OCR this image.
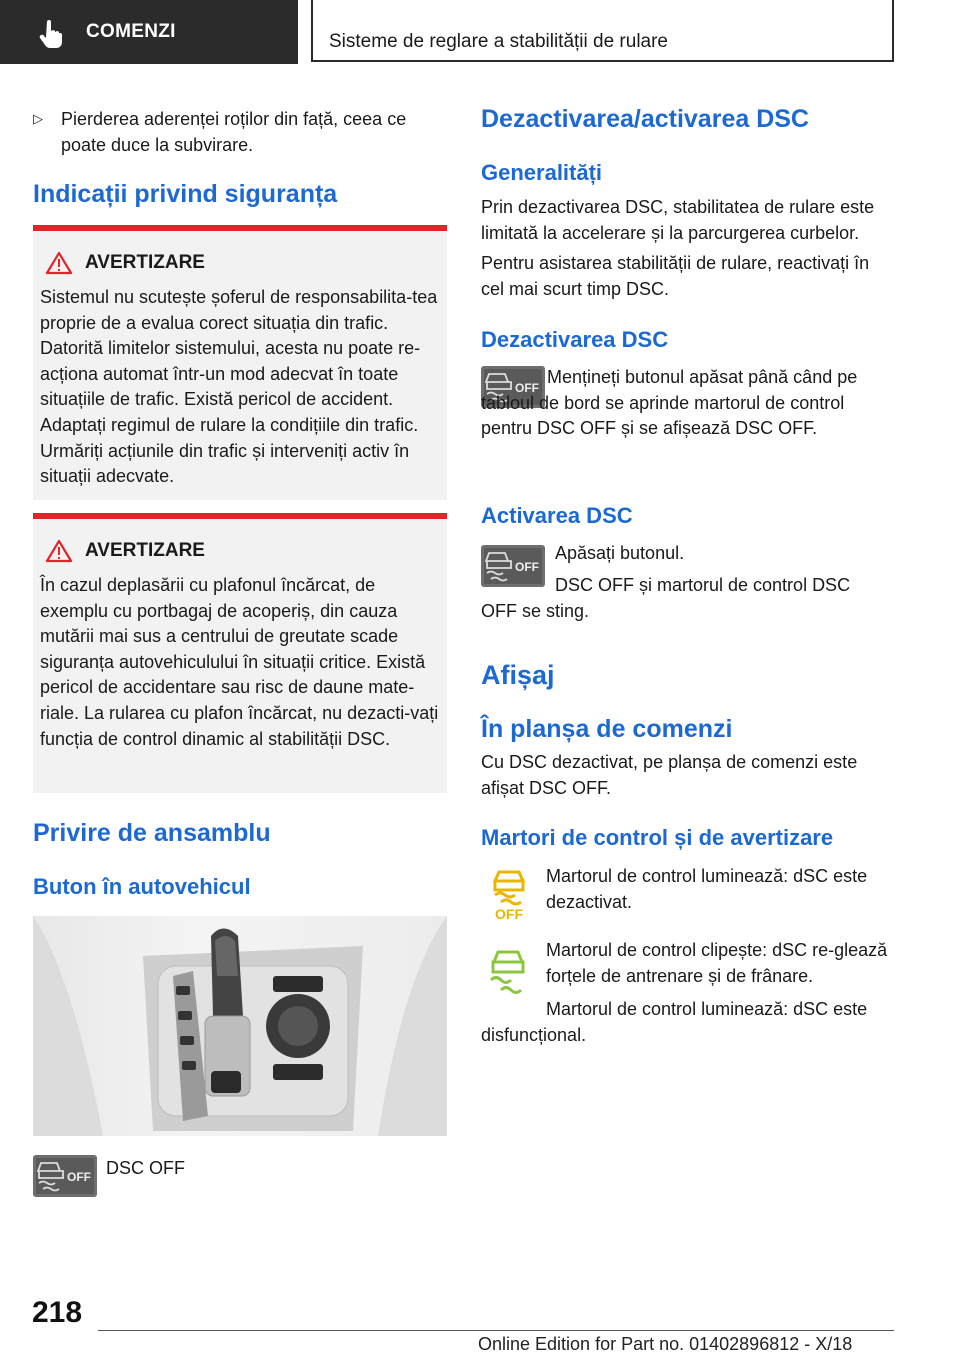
COMENZI	Sisteme de reglare a stabilității de rulare
▷ Pierderea aderenței roților din față, ceea ce poate duce la subvirare.
Indicații privind siguranța
AVERTIZARE
Sistemul nu scutește șoferul de responsabilita-tea proprie de a evalua corect situația din trafic. Datorită limitelor sistemului, acesta nu poate re-acționa automat într-un mod adecvat în toate situațiile de trafic. Există pericol de accident. Adaptați regimul de rulare la condițiile din trafic. Urmăriți acțiunile din trafic și interveniți activ în situații adecvate.
AVERTIZARE
În cazul deplasării cu plafonul încărcat, de exemplu cu portbagaj de acoperiș, din cauza mutării mai sus a centrului de greutate scade siguranța autovehiculului în situații critice. Există pericol de accidentare sau risc de daune mate-riale. La rularea cu plafon încărcat, nu dezacti-vați funcția de control dinamic al stabilității DSC.
Privire de ansamblu
Buton în autovehicul
OFF DSC OFF
Dezactivarea/activarea DSC
Generalități
Prin dezactivarea DSC, stabilitatea de rulare este limitată la accelerare și la parcurgerea curbelor.
Pentru asistarea stabilității de rulare, reactivați în cel mai scurt timp DSC.
Dezactivarea DSC
OFF
Mențineți butonul apăsat până când pe tabloul de bord se aprinde martorul de control pentru DSC OFF și se afișează DSC OFF.
Activarea DSC
OFF
Apăsați butonul.
DSC OFF și martorul de control DSC OFF se sting.
Afișaj
În planșa de comenzi
Cu DSC dezactivat, pe planșa de comenzi este afișat DSC OFF.
Martori de control și de avertizare
OFF
Martorul de control luminează: dSC este dezactivat.
Martorul de control clipește: dSC re-glează forțele de antrenare și de frânare.
Martorul de control luminează: dSC este disfuncțional.
218
Online Edition for Part no. 01402896812 - X/18
